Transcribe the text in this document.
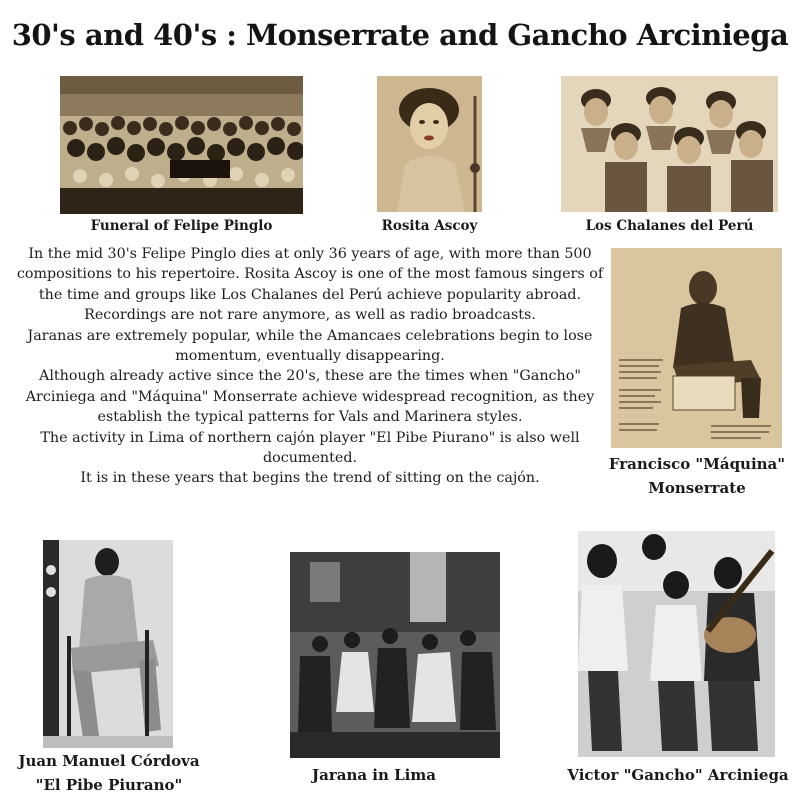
30's and 40's : Monserrate and Gancho Arciniega
Funeral of Felipe Pinglo	Rosita Ascoy	Los Chalanes del Perú

In the mid 30's Felipe Pinglo dies at only 36 years of age, with more than 500 compositions to his repertoire. Rosita Ascoy is one of the most famous singers of the time and groups like Los Chalanes del Perú achieve popularity abroad.

Recordings are not rare anymore, as well as radio broadcasts.

Jaranas are extremely popular, while the Amancaes celebrations begin to lose momentum, eventually disappearing.

Although already active since the 20's, these are the times when "Gancho" Arciniega and "Máquina" Monserrate achieve widespread recognition, as they establish the typical patterns for Vals and Marinera styles.

The activity in Lima of northern cajón player "El Pibe Piurano" is also well documented.

It is in these years that begins the trend of sitting on the cajón.

Francisco "Máquina"
Monserrate
Juan Manuel Córdova
"El Pibe Piurano"
Jarana in Lima	Victor "Gancho" Arciniega
